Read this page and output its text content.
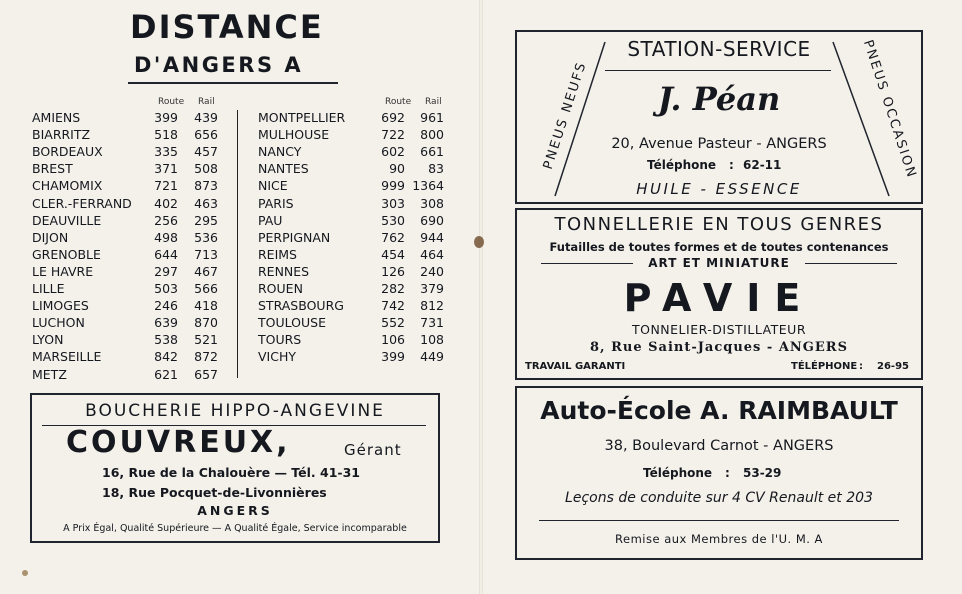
DISTANCE
D'ANGERS A
Route Rail	Route Rail
AMIENS	399	439
BIARRITZ	518	656
BORDEAUX	335	457
BREST	371	508
CHAMOMIX	721	873
CLER.-FERRAND	402	463
DEAUVILLE	256	295
DIJON	498	536
GRENOBLE	644	713
LE HAVRE	297	467
LILLE	503	566
LIMOGES	246	418
LUCHON	639	870
LYON	538	521
MARSEILLE	842	872
METZ	621	657
MONTPELLIER	692	961
MULHOUSE	722	800
NANCY	602	661
NANTES	90	83
NICE	999 1364
PARIS	303	308
PAU	530	690
PERPIGNAN	762	944
REIMS	454	464
RENNES	126	240
ROUEN	282	379
STRASBOURG	742	812
TOULOUSE	552	731
TOURS	106	108
VICHY	399	449
BOUCHERIE HIPPO-ANGEVINE
COUVREUX,	Gérant
16, Rue de la Chalouère — Tél. 41-31
18, Rue Pocquet-de-Livonnières
ANGERS
A Prix Égal, Qualité Supérieure — A Qualité Égale, Service incomparable
STATION-SERVICE
PNEUS NEUFS	PNEUS OCCASION
J. Péan
20, Avenue Pasteur - ANGERS
Téléphone : 62-11
HUILE - ESSENCE
TONNELLERIE EN TOUS GENRES
Futailles de toutes formes et de toutes contenances
ART ET MINIATURE
PAVIE
TONNELIER-DISTILLATEUR
8, Rue Saint-Jacques - ANGERS
TRAVAIL GARANTI	TÉLÉPHONE : 26-95
Auto-École A. RAIMBAULT
38, Boulevard Carnot - ANGERS
Téléphone : 53-29
Leçons de conduite sur 4 CV Renault et 203
Remise aux Membres de l'U. M. A
